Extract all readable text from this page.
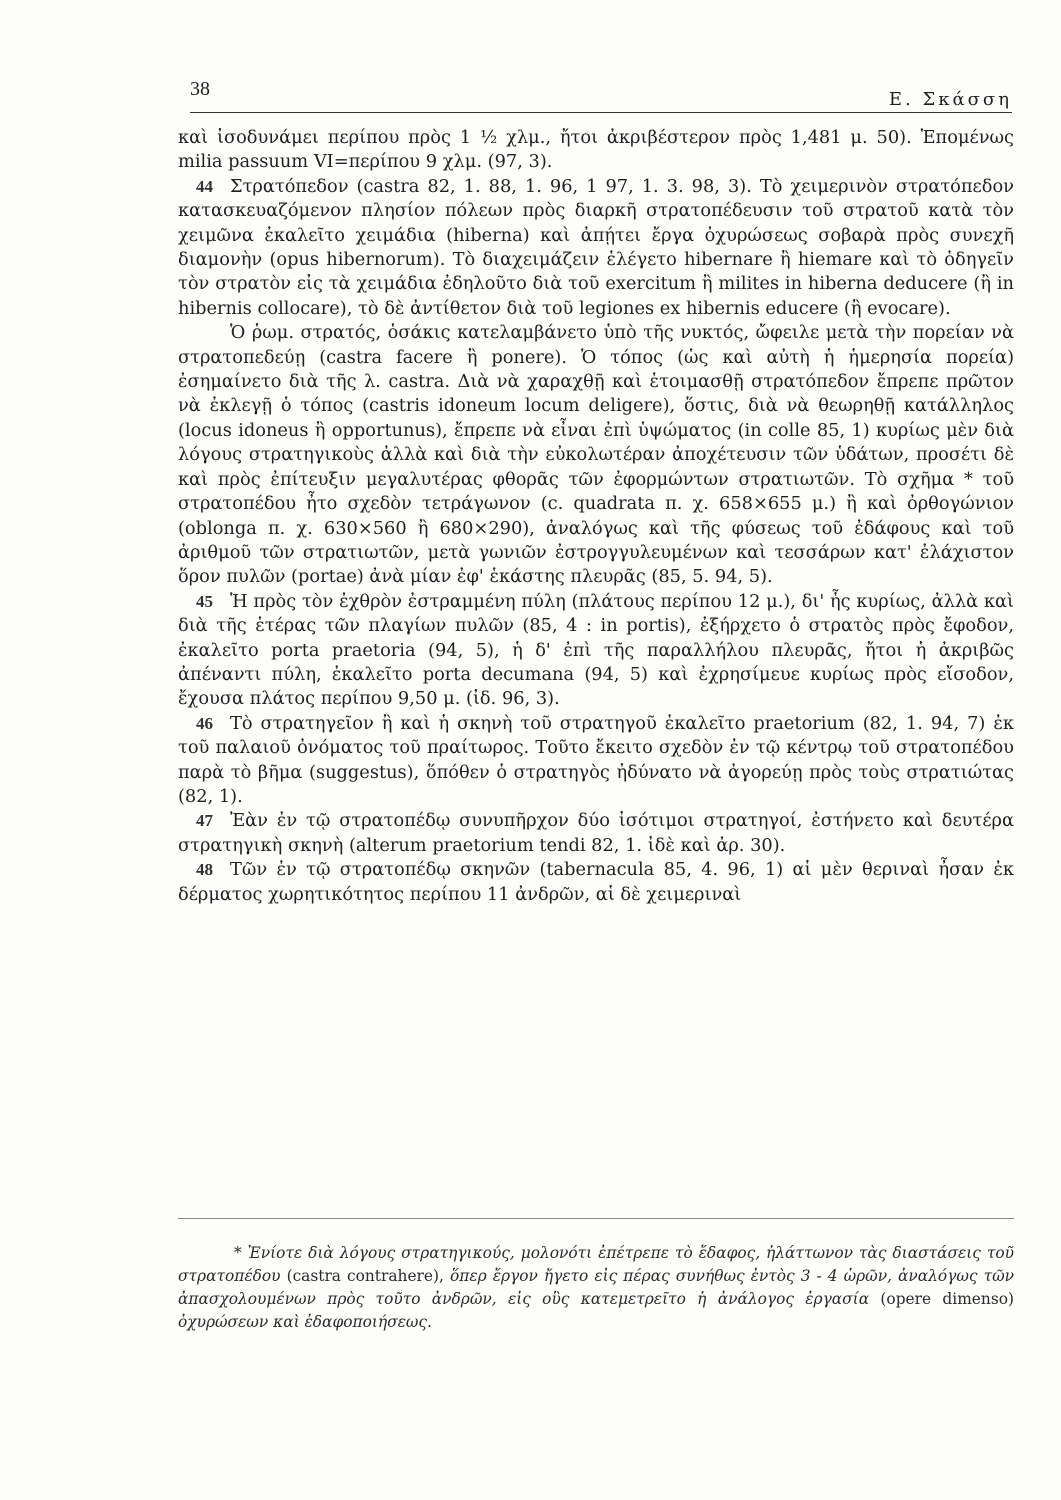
38	Ε. Σκάσση

καὶ ἰσοδυνάμει περίπου πρὸς 1 ½ χλμ., ἤτοι ἀκριβέστερον πρὸς 1,481 μ. 50). Ἑπομένως milia passuum VI=περίπου 9 χλμ. (97, 3).

44 Στρατόπεδον (castra 82, 1. 88, 1. 96, 1 97, 1. 3. 98, 3). Τὸ χειμερινὸν στρατόπεδον κατασκευαζόμενον πλησίον πόλεων πρὸς διαρκῆ στρατοπέδευσιν τοῦ στρατοῦ κατὰ τὸν χειμῶνα ἐκαλεῖτο χειμάδια (hiberna) καὶ ἀπῄτει ἔργα ὀχυρώσεως σοβαρὰ πρὸς συνεχῆ διαμονὴν (opus hibernorum). Τὸ διαχειμάζειν ἐλέγετο hibernare ἢ hiemare καὶ τὸ ὁδηγεῖν τὸν στρατὸν εἰς τὰ χειμάδια ἐδηλοῦτο διὰ τοῦ exercitum ἢ milites in hiberna deducere (ἢ in hibernis collocare), τὸ δὲ ἀντίθετον διὰ τοῦ legiones ex hibernis educere (ἢ evocare).

Ὁ ῥωμ. στρατός, ὁσάκις κατελαμβάνετο ὑπὸ τῆς νυκτός, ὤφειλε μετὰ τὴν πορείαν νὰ στρατοπεδεύῃ (castra facere ἢ ponere). Ὁ τόπος (ὡς καὶ αὐτὴ ἡ ἡμερησία πορεία) ἐσημαίνετο διὰ τῆς λ. castra. Διὰ νὰ χαραχθῇ καὶ ἑτοιμασθῇ στρατόπεδον ἔπρεπε πρῶτον νὰ ἐκλεγῇ ὁ τόπος (castris idoneum locum deligere), ὅστις, διὰ νὰ θεωρηθῇ κατάλληλος (locus idoneus ἢ opportunus), ἔπρεπε νὰ εἶναι ἐπὶ ὑψώματος (in colle 85, 1) κυρίως μὲν διὰ λόγους στρατηγικοὺς ἀλλὰ καὶ διὰ τὴν εὐκολωτέραν ἀποχέτευσιν τῶν ὑδάτων, προσέτι δὲ καὶ πρὸς ἐπίτευξιν μεγαλυτέρας φθορᾶς τῶν ἐφορμώντων στρατιωτῶν. Τὸ σχῆμα * τοῦ στρατοπέδου ἦτο σχεδὸν τετράγωνον (c. quadrata π. χ. 658×655 μ.) ἢ καὶ ὀρθογώνιον (oblonga π. χ. 630×560 ἢ 680×290), ἀναλόγως καὶ τῆς φύσεως τοῦ ἐδάφους καὶ τοῦ ἀριθμοῦ τῶν στρατιωτῶν, μετὰ γωνιῶν ἐστρογγυλευμένων καὶ τεσσάρων κατ' ἐλάχιστον ὅρον πυλῶν (portae) ἀνὰ μίαν ἐφ' ἑκάστης πλευρᾶς (85, 5. 94, 5).

45 Ἡ πρὸς τὸν ἐχθρὸν ἐστραμμένη πύλη (πλάτους περίπου 12 μ.), δι' ἧς κυρίως, ἀλλὰ καὶ διὰ τῆς ἑτέρας τῶν πλαγίων πυλῶν (85, 4 : in portis), ἐξήρχετο ὁ στρατὸς πρὸς ἔφοδον, ἐκαλεῖτο porta praetoria (94, 5), ἡ δ' ἐπὶ τῆς παραλλήλου πλευρᾶς, ἤτοι ἡ ἀκριβῶς ἀπέναντι πύλη, ἐκαλεῖτο porta decumana (94, 5) καὶ ἐχρησίμευε κυρίως πρὸς εἴσοδον, ἔχουσα πλάτος περίπου 9,50 μ. (ἰδ. 96, 3).

46 Τὸ στρατηγεῖον ἢ καὶ ἡ σκηνὴ τοῦ στρατηγοῦ ἐκαλεῖτο praetorium (82, 1. 94, 7) ἐκ τοῦ παλαιοῦ ὀνόματος τοῦ πραίτωρος. Τοῦτο ἔκειτο σχεδὸν ἐν τῷ κέντρῳ τοῦ στρατοπέδου παρὰ τὸ βῆμα (suggestus), ὅπόθεν ὁ στρατηγὸς ἠδύνατο νὰ ἀγορεύῃ πρὸς τοὺς στρατιώτας (82, 1).

47 Ἐὰν ἐν τῷ στρατοπέδῳ συνυπῆρχον δύο ἰσότιμοι στρατηγοί, ἐστήνετο καὶ δευτέρα στρατηγικὴ σκηνὴ (alterum praetorium tendi 82, 1. ἰδὲ καὶ ἀρ. 30).

48 Τῶν ἐν τῷ στρατοπέδῳ σκηνῶν (tabernacula 85, 4. 96, 1) αἱ μὲν θεριναὶ ἦσαν ἐκ δέρματος χωρητικότητος περίπου 11 ἀνδρῶν, αἱ δὲ χειμεριναὶ

* Ἐνίοτε διὰ λόγους στρατηγικούς, μολονότι ἐπέτρεπε τὸ ἔδαφος, ἠλάττωνον τὰς διαστάσεις τοῦ στρατοπέδου (castra contrahere), ὅπερ ἔργον ἤγετο εἰς πέρας συνήθως ἐντὸς 3 - 4 ὡρῶν, ἀναλόγως τῶν ἀπασχολουμένων πρὸς τοῦτο ἀνδρῶν, εἰς οὓς κατεμετρεῖτο ἡ ἀνάλογος ἐργασία (opere dimenso) ὀχυρώσεων καὶ ἐδαφοποιήσεως.
